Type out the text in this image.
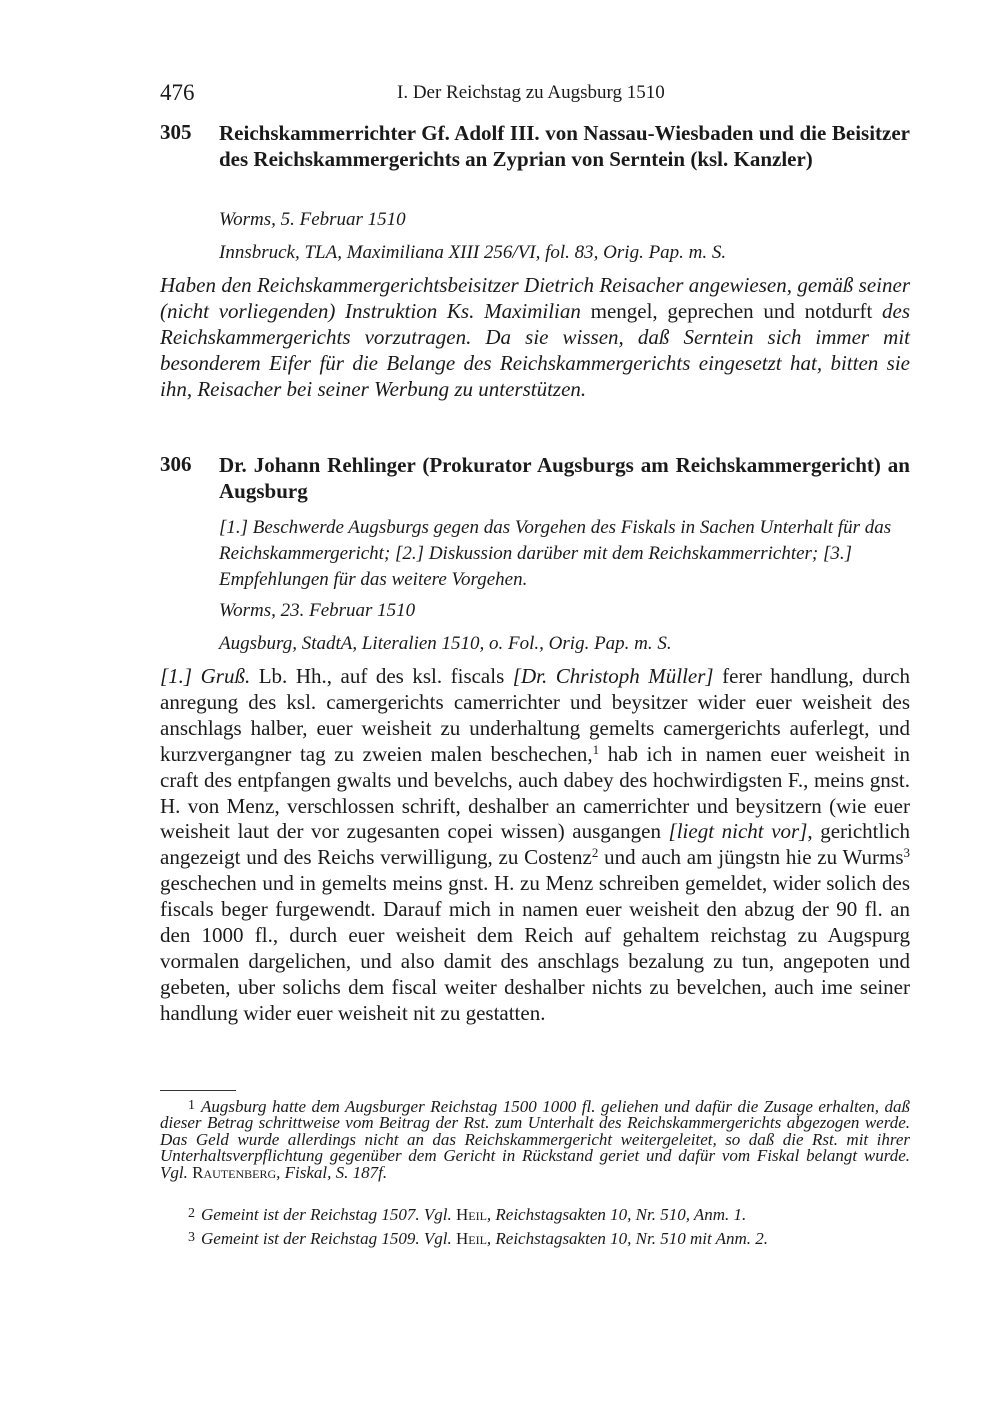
476	I. Der Reichstag zu Augsburg 1510
305 Reichskammerrichter Gf. Adolf III. von Nassau-Wiesbaden und die Beisitzer des Reichskammergerichts an Zyprian von Serntein (ksl. Kanzler)
Worms, 5. Februar 1510
Innsbruck, TLA, Maximiliana XIII 256/VI, fol. 83, Orig. Pap. m. S.
Haben den Reichskammergerichtsbeisitzer Dietrich Reisacher angewiesen, gemäß seiner (nicht vorliegenden) Instruktion Ks. Maximilian mengel, geprechen und notdurft des Reichskammergerichts vorzutragen. Da sie wissen, daß Serntein sich immer mit besonderem Eifer für die Belange des Reichskammergerichts eingesetzt hat, bitten sie ihn, Reisacher bei seiner Werbung zu unterstützen.
306 Dr. Johann Rehlinger (Prokurator Augsburgs am Reichskammergericht) an Augsburg
[1.] Beschwerde Augsburgs gegen das Vorgehen des Fiskals in Sachen Unterhalt für das Reichskammergericht; [2.] Diskussion darüber mit dem Reichskammerrichter; [3.] Empfehlungen für das weitere Vorgehen.
Worms, 23. Februar 1510
Augsburg, StadtA, Literalien 1510, o. Fol., Orig. Pap. m. S.
[1.] Gruß. Lb. Hh., auf des ksl. fiscals [Dr. Christoph Müller] ferer handlung, durch anregung des ksl. camergerichts camerrichter und beysitzer wider euer weisheit des anschlags halber, euer weisheit zu underhaltung gemelts camergerichts auferlegt, und kurzvergangner tag zu zweien malen beschechen,$^1$ hab ich in namen euer weisheit in craft des entpfangen gwalts und bevelchs, auch dabey des hochwirdigsten F., meins gnst. H. von Menz, verschlossen schrift, deshalber an camerrichter und beysitzern (wie euer weisheit laut der vor zugesanten copei wissen) ausgangen [liegt nicht vor], gerichtlich angezeigt und des Reichs verwilligung, zu Costenz$^2$ und auch am jüngstn hie zu Wurms$^3$ geschechen und in gemelts meins gnst. H. zu Menz schreiben gemeldet, wider solich des fiscals beger furgewendt. Darauf mich in namen euer weisheit den abzug der 90 fl. an den 1000 fl., durch euer weisheit dem Reich auf gehaltem reichstag zu Augspurg vormalen dargelichen, und also damit des anschlags bezalung zu tun, angepoten und gebeten, uber solichs dem fiscal weiter deshalber nichts zu bevelchen, auch ime seiner handlung wider euer weisheit nit zu gestatten.
1 Augsburg hatte dem Augsburger Reichstag 1500 1000 fl. geliehen und dafür die Zusage erhalten, daß dieser Betrag schrittweise vom Beitrag der Rst. zum Unterhalt des Reichskammergerichts abgezogen werde. Das Geld wurde allerdings nicht an das Reichskammergericht weitergeleitet, so daß die Rst. mit ihrer Unterhaltsverpflichtung gegenüber dem Gericht in Rückstand geriet und dafür vom Fiskal belangt wurde. Vgl. Rautenberg, Fiskal, S. 187f.
2 Gemeint ist der Reichstag 1507. Vgl. Heil, Reichstagsakten 10, Nr. 510, Anm. 1.
3 Gemeint ist der Reichstag 1509. Vgl. Heil, Reichstagsakten 10, Nr. 510 mit Anm. 2.
